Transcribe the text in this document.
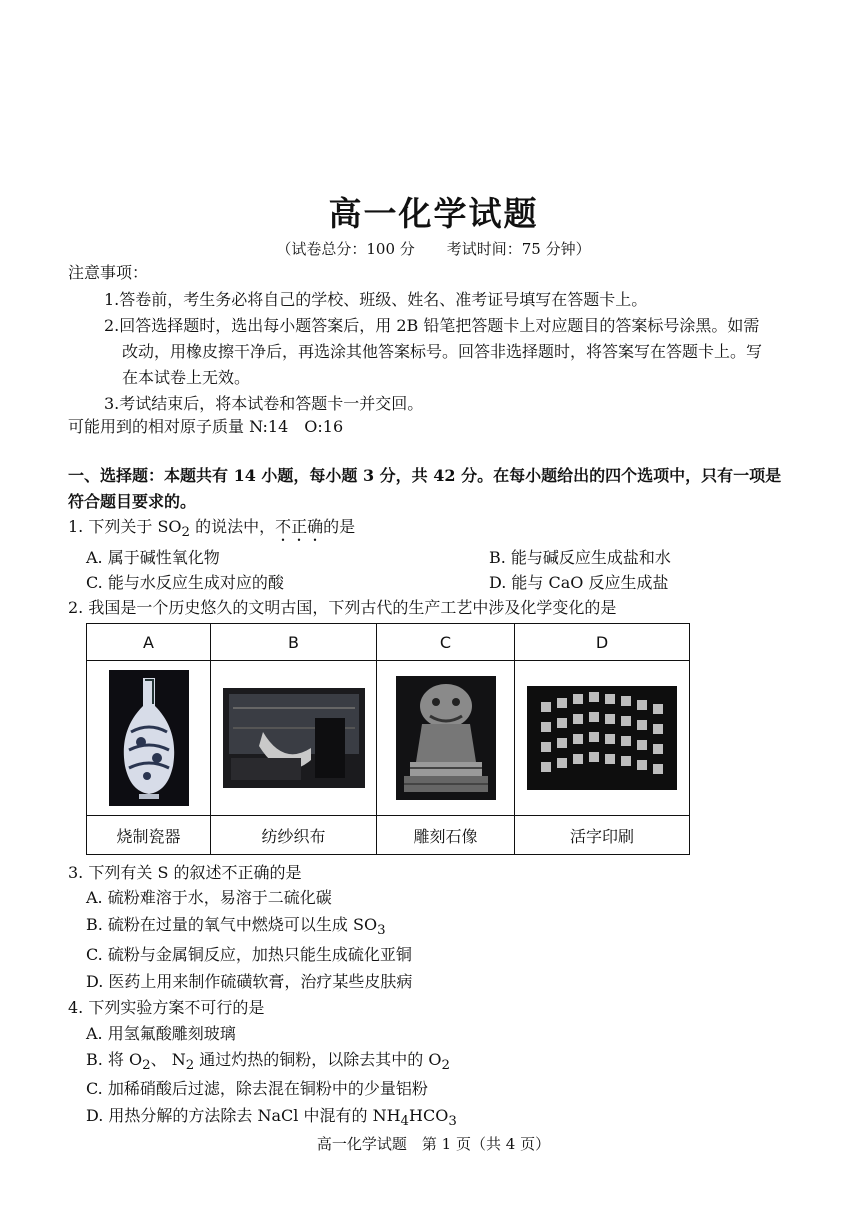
高一化学试题
（试卷总分：100 分 考试时间：75 分钟）
注意事项：
1.答卷前，考生务必将自己的学校、班级、姓名、准考证号填写在答题卡上。
2.回答选择题时，选出每小题答案后，用 2B 铅笔把答题卡上对应题目的答案标号涂黑。如需
改动，用橡皮擦干净后，再选涂其他答案标号。回答非选择题时，将答案写在答题卡上。写
在本试卷上无效。
3.考试结束后，将本试卷和答题卡一并交回。
可能用到的相对原子质量 N:14　O:16
一、选择题：本题共有 14 小题，每小题 3 分，共 42 分。在每小题给出的四个选项中，只有一项是
符合题目要求的。
1. 下列关于 $SO_2$ 的说法中，不正确的是
A. 属于碱性氧化物	B. 能与碱反应生成盐和水
C. 能与水反应生成对应的酸	D. 能与 CaO 反应生成盐
2. 我国是一个历史悠久的文明古国，下列古代的生产工艺中涉及化学变化的是
A	B	C	D

烧制瓷器	纺纱织布	雕刻石像	活字印刷
3. 下列有关 S 的叙述不正确的是
A. 硫粉难溶于水，易溶于二硫化碳
B. 硫粉在过量的氧气中燃烧可以生成 $SO_3$
C. 硫粉与金属铜反应，加热只能生成硫化亚铜
D. 医药上用来制作硫磺软膏，治疗某些皮肤病
4. 下列实验方案不可行的是
A. 用氢氟酸雕刻玻璃
B. 将 $O_2$、 $N_2$ 通过灼热的铜粉，以除去其中的 $O_2$
C. 加稀硝酸后过滤，除去混在铜粉中的少量铝粉
D. 用热分解的方法除去 NaCl 中混有的 $NH_4HCO_3$
高一化学试题　第 1 页（共 4 页）
